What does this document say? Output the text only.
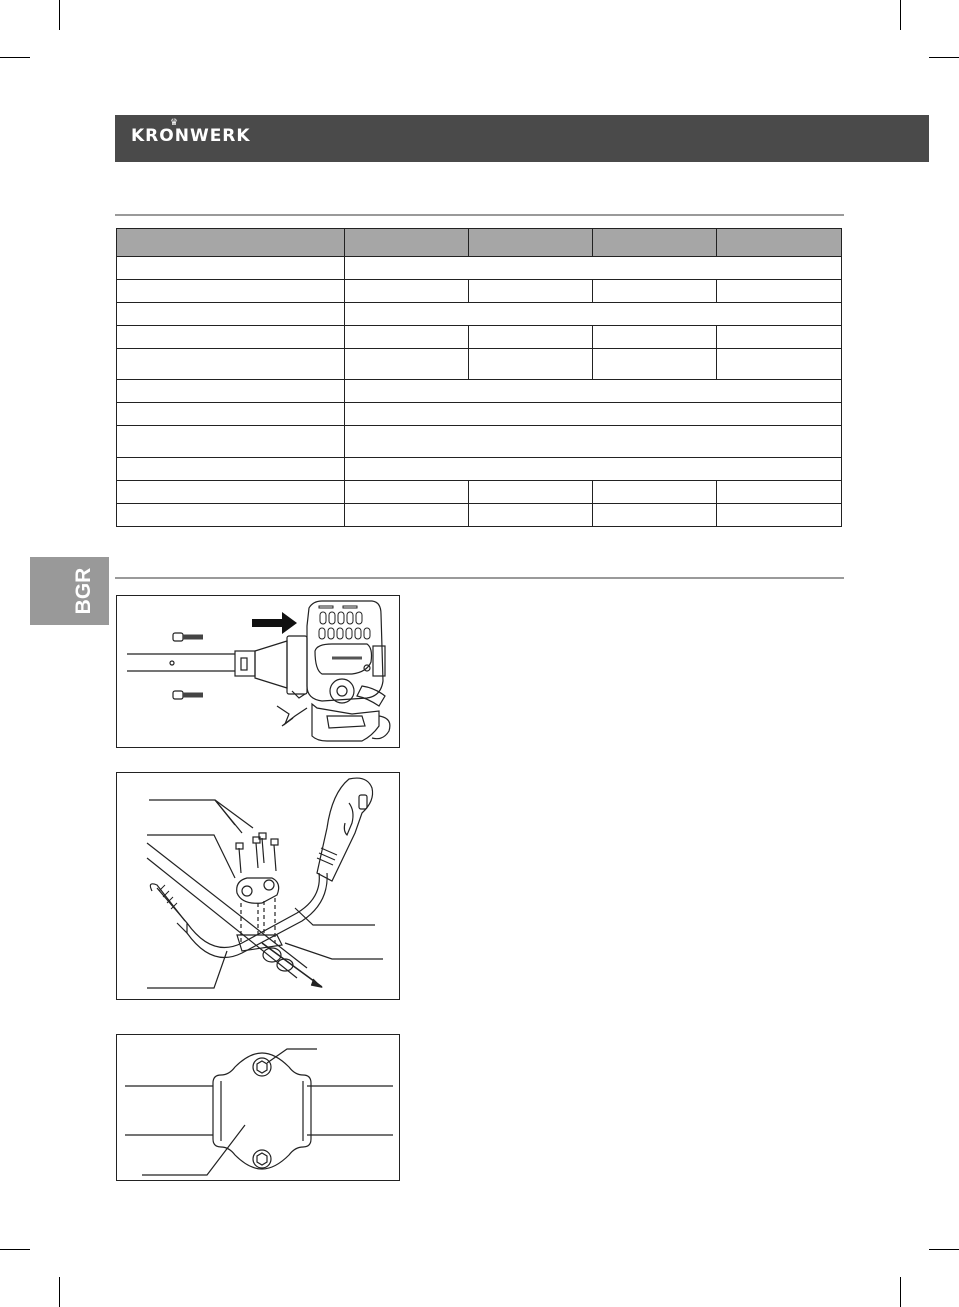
♛
KRONWERK

BGR
